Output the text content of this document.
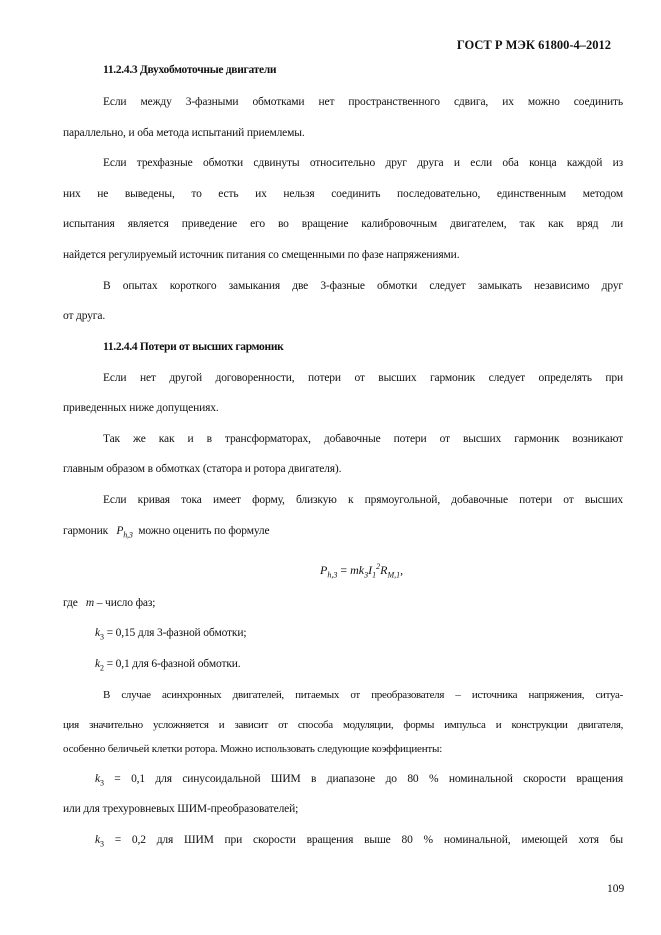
ГОСТ Р МЭК 61800-4–2012
11.2.4.3 Двухобмоточные двигатели
Если между 3-фазными обмотками нет пространственного сдвига, их можно соединить
параллельно, и оба метода испытаний приемлемы.
Если трехфазные обмотки сдвинуты относительно друг друга и если оба конца каждой из
них не выведены, то есть их нельзя соединить последовательно, единственным методом
испытания является приведение его во вращение калибровочным двигателем, так как вряд ли
найдется регулируемый источник питания со смещенными по фазе напряжениями.
В опытах короткого замыкания две 3-фазные обмотки следует замыкать независимо друг
от друга.
11.2.4.4 Потери от высших гармоник
Если нет другой договоренности, потери от высших гармоник следует определять при
приведенных ниже допущениях.
Так же как и в трансформаторах, добавочные потери от высших гармоник возникают
главным образом в обмотках (статора и ротора двигателя).
Если кривая тока имеет форму, близкую к прямоугольной, добавочные потери от высших
гармоник $P_{h,3}$ можно оценить по формуле
$P_{h,3} = mk_3I_1^2R_{M,1}$,
где m – число фаз;
$k_3 = 0,15$ для 3-фазной обмотки;
$k_2 = 0,1$ для 6-фазной обмотки.
В случае асинхронных двигателей, питаемых от преобразователя – источника напряжения, ситуа-
ция значительно усложняется и зависит от способа модуляции, формы импульса и конструкции двигателя,
особенно беличьей клетки ротора. Можно использовать следующие коэффициенты:
$k_3 = 0,1$ для синусоидальной ШИМ в диапазоне до 80 % номинальной скорости вращения
или для трехуровневых ШИМ-преобразователей;
$k_3 = 0,2$ для ШИМ при скорости вращения выше 80 % номинальной, имеющей хотя бы
109
